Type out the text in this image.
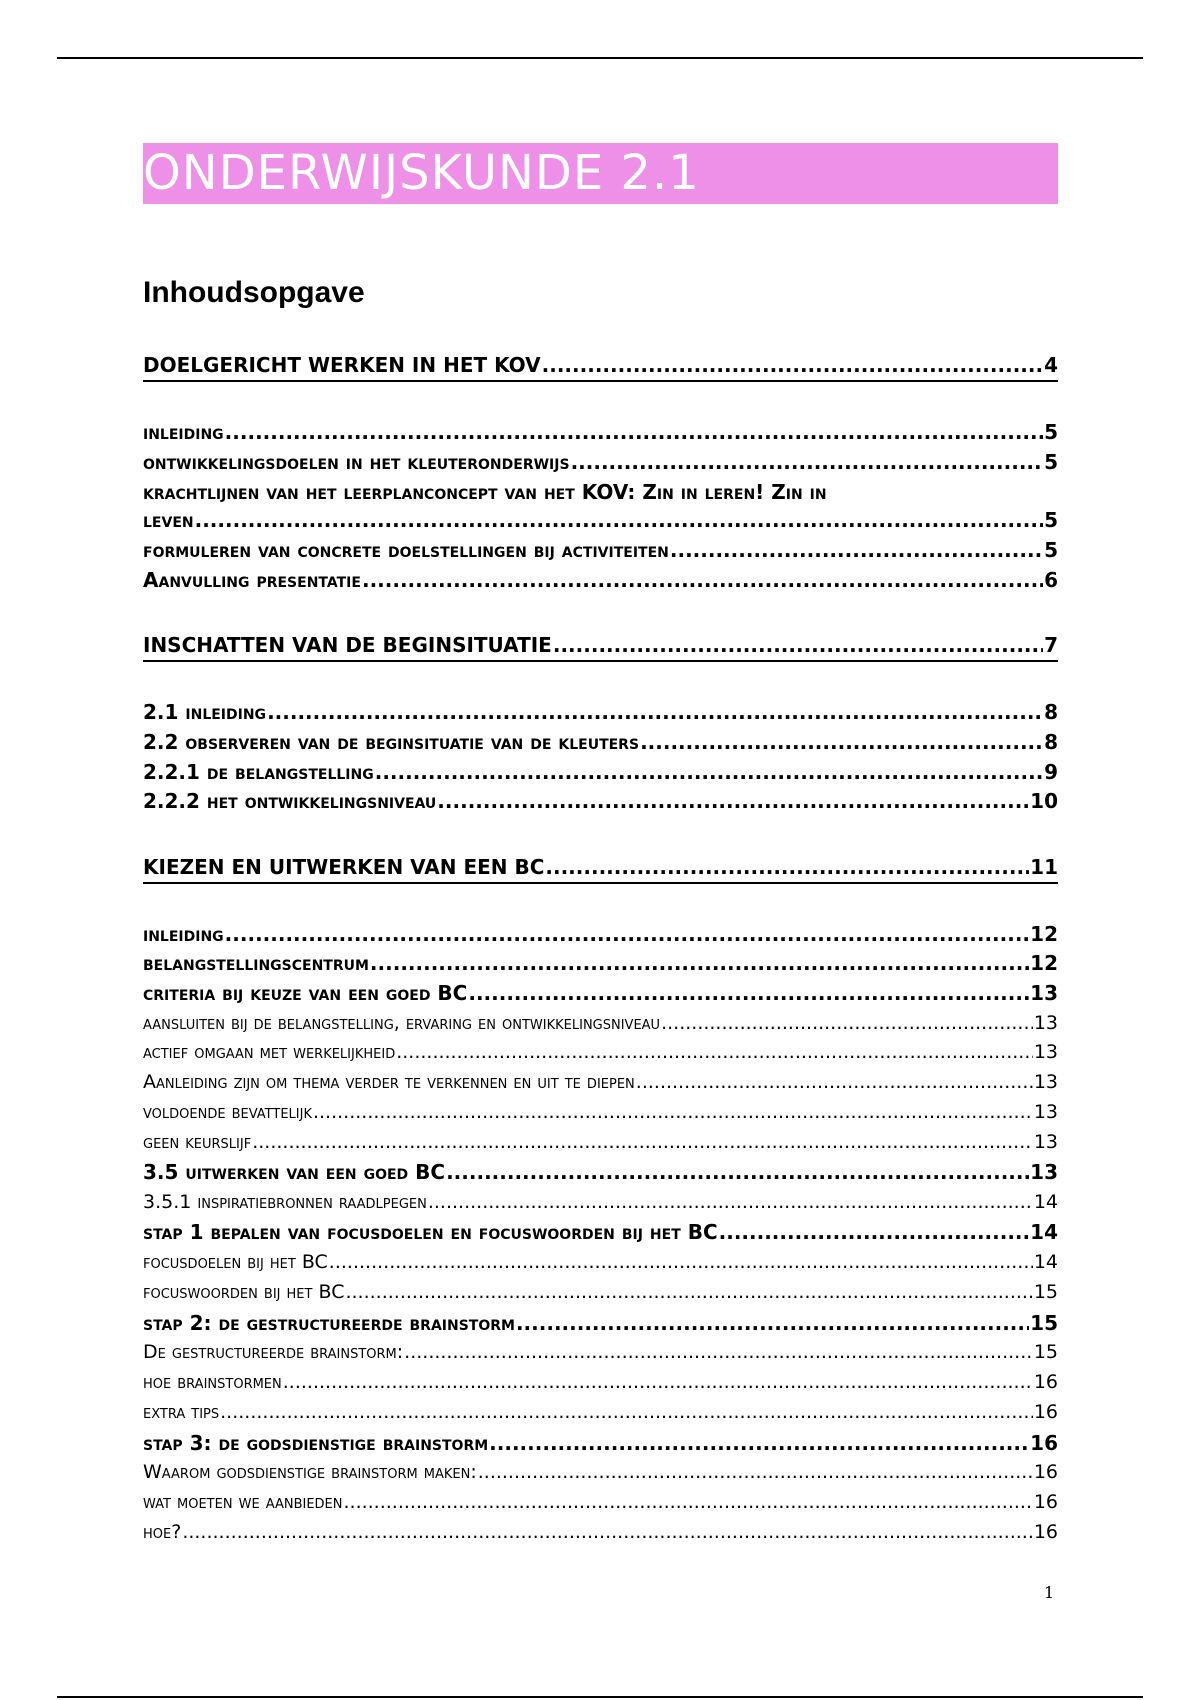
ONDERWIJSKUNDE 2.1
Inhoudsopgave
DOELGERICHT WERKEN IN HET KOV .....	4
inleiding .....	5
ontwikkelingsdoelen in het kleuteronderwijs .....	5
krachtlijnen van het leerplanconcept van het KOV: Zin in leren! Zin in
leven .....	5
formuleren van concrete doelstellingen bij activiteiten .....	5
Aanvulling presentatie .....	6
INSCHATTEN VAN DE BEGINSITUATIE .....	7
2.1 inleiding .....	8
2.2 observeren van de beginsituatie van de kleuters .....	8
2.2.1 de belangstelling .....	9
2.2.2 het ontwikkelingsniveau .....	10
KIEZEN EN UITWERKEN VAN EEN BC .....	11
inleiding .....	12
belangstellingscentrum .....	12
criteria bij keuze van een goed BC .....	13
aansluiten bij de belangstelling, ervaring en ontwikkelingsniveau .....	13
actief omgaan met werkelijkheid .....	13
Aanleiding zijn om thema verder te verkennen en uit te diepen .....	13
voldoende bevattelijk .....	13
geen keurslijf .....	13
3.5 uitwerken van een goed BC .....	13
3.5.1 inspiratiebronnen raadlpegen .....	14
stap 1 bepalen van focusdoelen en focuswoorden bij het BC .....	14
focusdoelen bij het BC .....	14
focuswoorden bij het BC .....	15
stap 2: de gestructureerde brainstorm .....	15
De gestructureerde brainstorm: .....	15
hoe brainstormen .....	16
extra tips .....	16
stap 3: de godsdienstige brainstorm .....	16
Waarom godsdienstige brainstorm maken: .....	16
wat moeten we aanbieden .....	16
hoe? .....	16
1
